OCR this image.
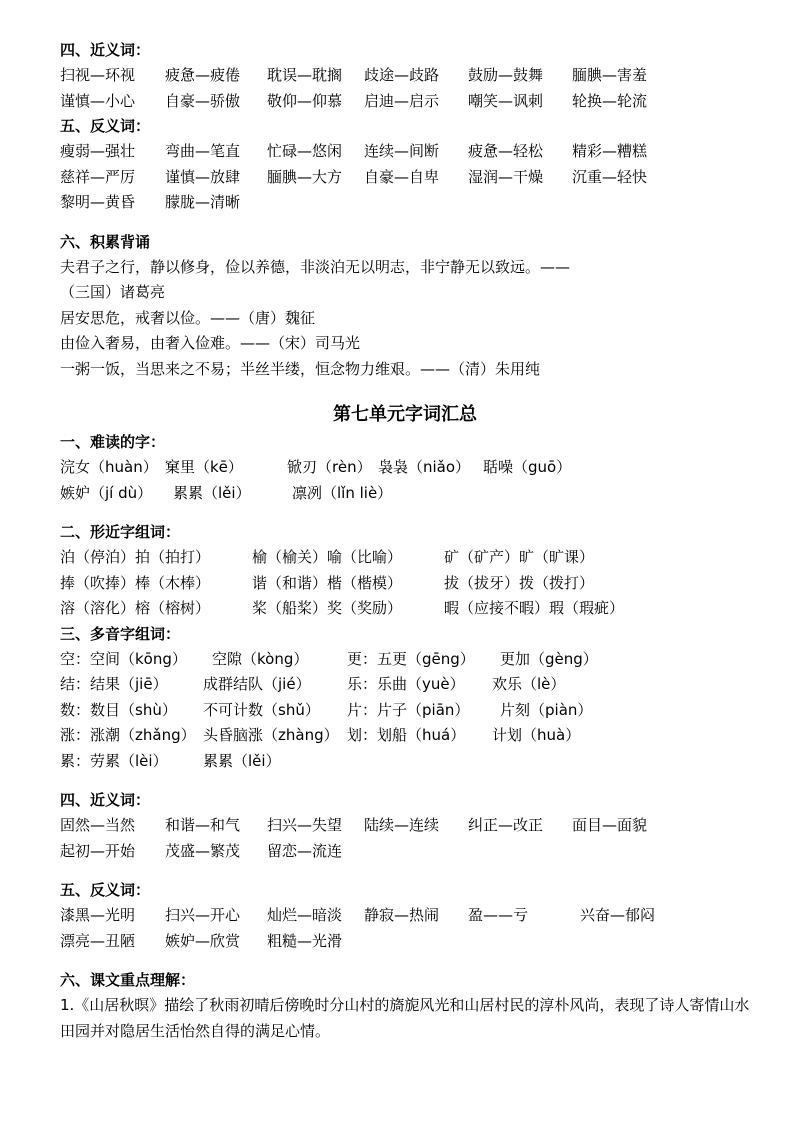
四、近义词：
扫视—环视 疲惫—疲倦 耽误—耽搁 歧途—歧路 鼓励—鼓舞 腼腆—害羞
谨慎—小心 自豪—骄傲 敬仰—仰慕 启迪—启示 嘲笑—讽刺 轮换—轮流
五、反义词：
瘦弱—强壮 弯曲—笔直 忙碌—悠闲 连续—间断 疲惫—轻松 精彩—糟糕
慈祥—严厉 谨慎—放肆 腼腆—大方 自豪—自卑 湿润—干燥 沉重—轻快
黎明—黄昏 朦胧—清晰
六、积累背诵
夫君子之行，静以修身，俭以养德，非淡泊无以明志，非宁静无以致远。——
（三国）诸葛亮
居安思危，戒奢以俭。——（唐）魏征
由俭入奢易，由奢入俭难。——（宋）司马光
一粥一饭，当思来之不易；半丝半缕，恒念物力维艰。——（清）朱用纯
第七单元字词汇总
一、难读的字：
浣女（huàn） 窠里（kē）	锨刃（rèn） 袅袅（niǎo） 聒噪（guō）
嫉妒（jí dù） 累累（lěi）	凛冽（lǐn liè）
二、形近字组词：
泊（停泊）拍（拍打）	榆（榆关）喻（比喻）	矿（矿产）旷（旷课）
捧（吹捧）棒（木棒）	谐（和谐）楷（楷模）	拔（拔牙）拨（拨打）
溶（溶化）榕（榕树）	桨（船桨）奖（奖励）	暇（应接不暇）瑕（瑕疵）
三、多音字组词：
空：空间（kōng） 空隙（kòng）	更：五更（gēng） 更加（gèng）
结：结果（jiē） 成群结队（jié） 乐：乐曲（yuè） 欢乐（lè）
数：数目（shù） 不可计数（shǔ） 片：片子（piān） 片刻（piàn）
涨：涨潮（zhǎng） 头昏脑涨（zhàng） 划：划船（huá） 计划（huà）
累：劳累（lèi） 累累（lěi）
四、近义词：
固然—当然 和谐—和气 扫兴—失望 陆续—连续 纠正—改正 面目—面貌
起初—开始 茂盛—繁茂 留恋—流连
五、反义词：
漆黑—光明 扫兴—开心 灿烂—暗淡 静寂—热闹 盈——亏	兴奋—郁闷
漂亮—丑陋 嫉妒—欣赏 粗糙—光滑
六、课文重点理解：
1.《山居秋暝》描绘了秋雨初晴后傍晚时分山村的旖旎风光和山居村民的淳朴风尚，表现了诗人寄情山水田园并对隐居生活怡然自得的满足心情。
